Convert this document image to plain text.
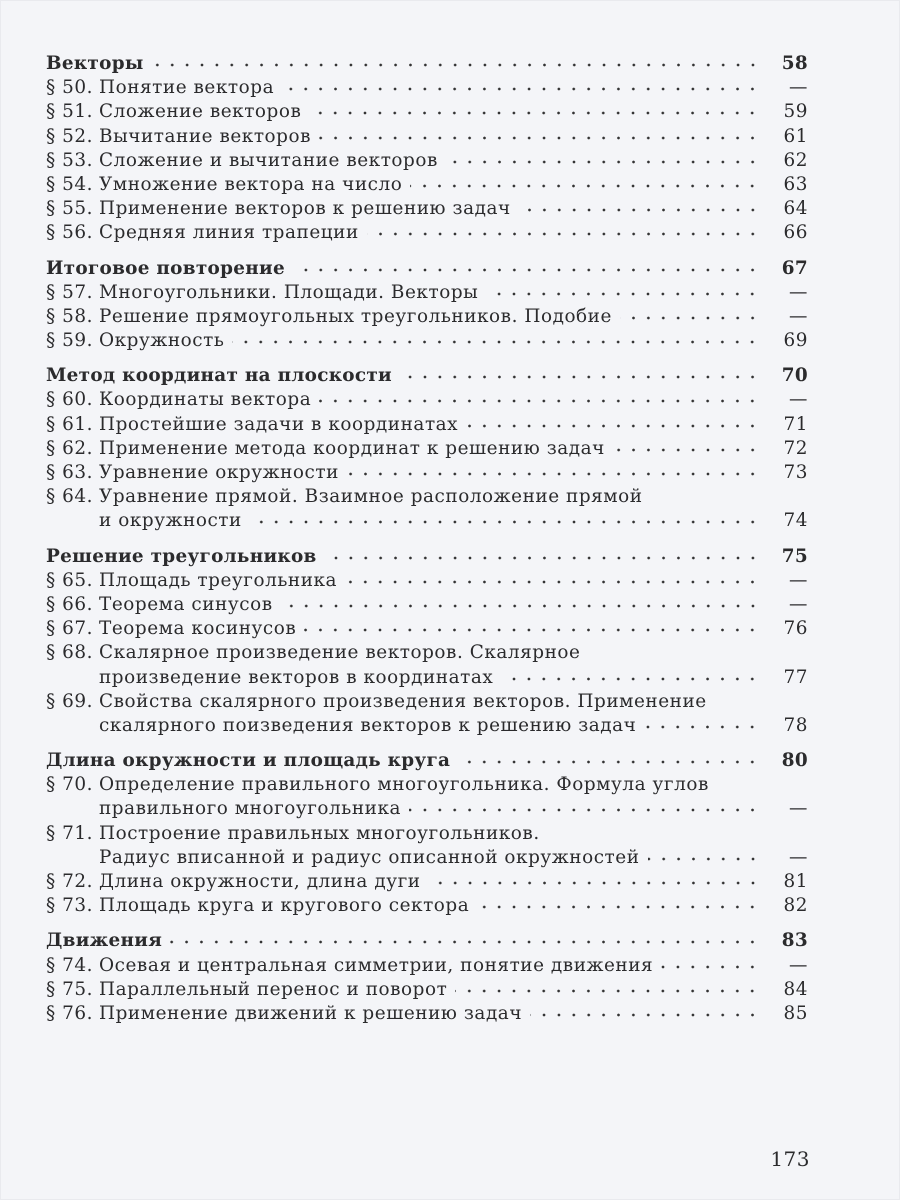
Векторы	58
§ 50. Понятие вектора	—
§ 51. Сложение векторов	59
§ 52. Вычитание векторов	61
§ 53. Сложение и вычитание векторов	62
§ 54. Умножение вектора на число	63
§ 55. Применение векторов к решению задач	64
§ 56. Средняя линия трапеции	66
Итоговое повторение	67
§ 57. Многоугольники. Площади. Векторы	—
§ 58. Решение прямоугольных треугольников. Подобие	—
§ 59. Окружность	69
Метод координат на плоскости	70
§ 60. Координаты вектора	—
§ 61. Простейшие задачи в координатах	71
§ 62. Применение метода координат к решению задач	72
§ 63. Уравнение окружности	73
§ 64. Уравнение прямой. Взаимное расположение прямой
и окружности	74
Решение треугольников	75
§ 65. Площадь треугольника	—
§ 66. Теорема синусов	—
§ 67. Теорема косинусов	76
§ 68. Скалярное произведение векторов. Скалярное
произведение векторов в координатах	77
§ 69. Свойства скалярного произведения векторов. Применение
скалярного поизведения векторов к решению задач	78
Длина окружности и площадь круга	80
§ 70. Определение правильного многоугольника. Формула углов
правильного многоугольника	—
§ 71. Построение правильных многоугольников.
Радиус вписанной и радиус описанной окружностей	—
§ 72. Длина окружности, длина дуги	81
§ 73. Площадь круга и кругового сектора	82
Движения	83
§ 74. Осевая и центральная симметрии, понятие движения	—
§ 75. Параллельный перенос и поворот	84
§ 76. Применение движений к решению задач	85
173
